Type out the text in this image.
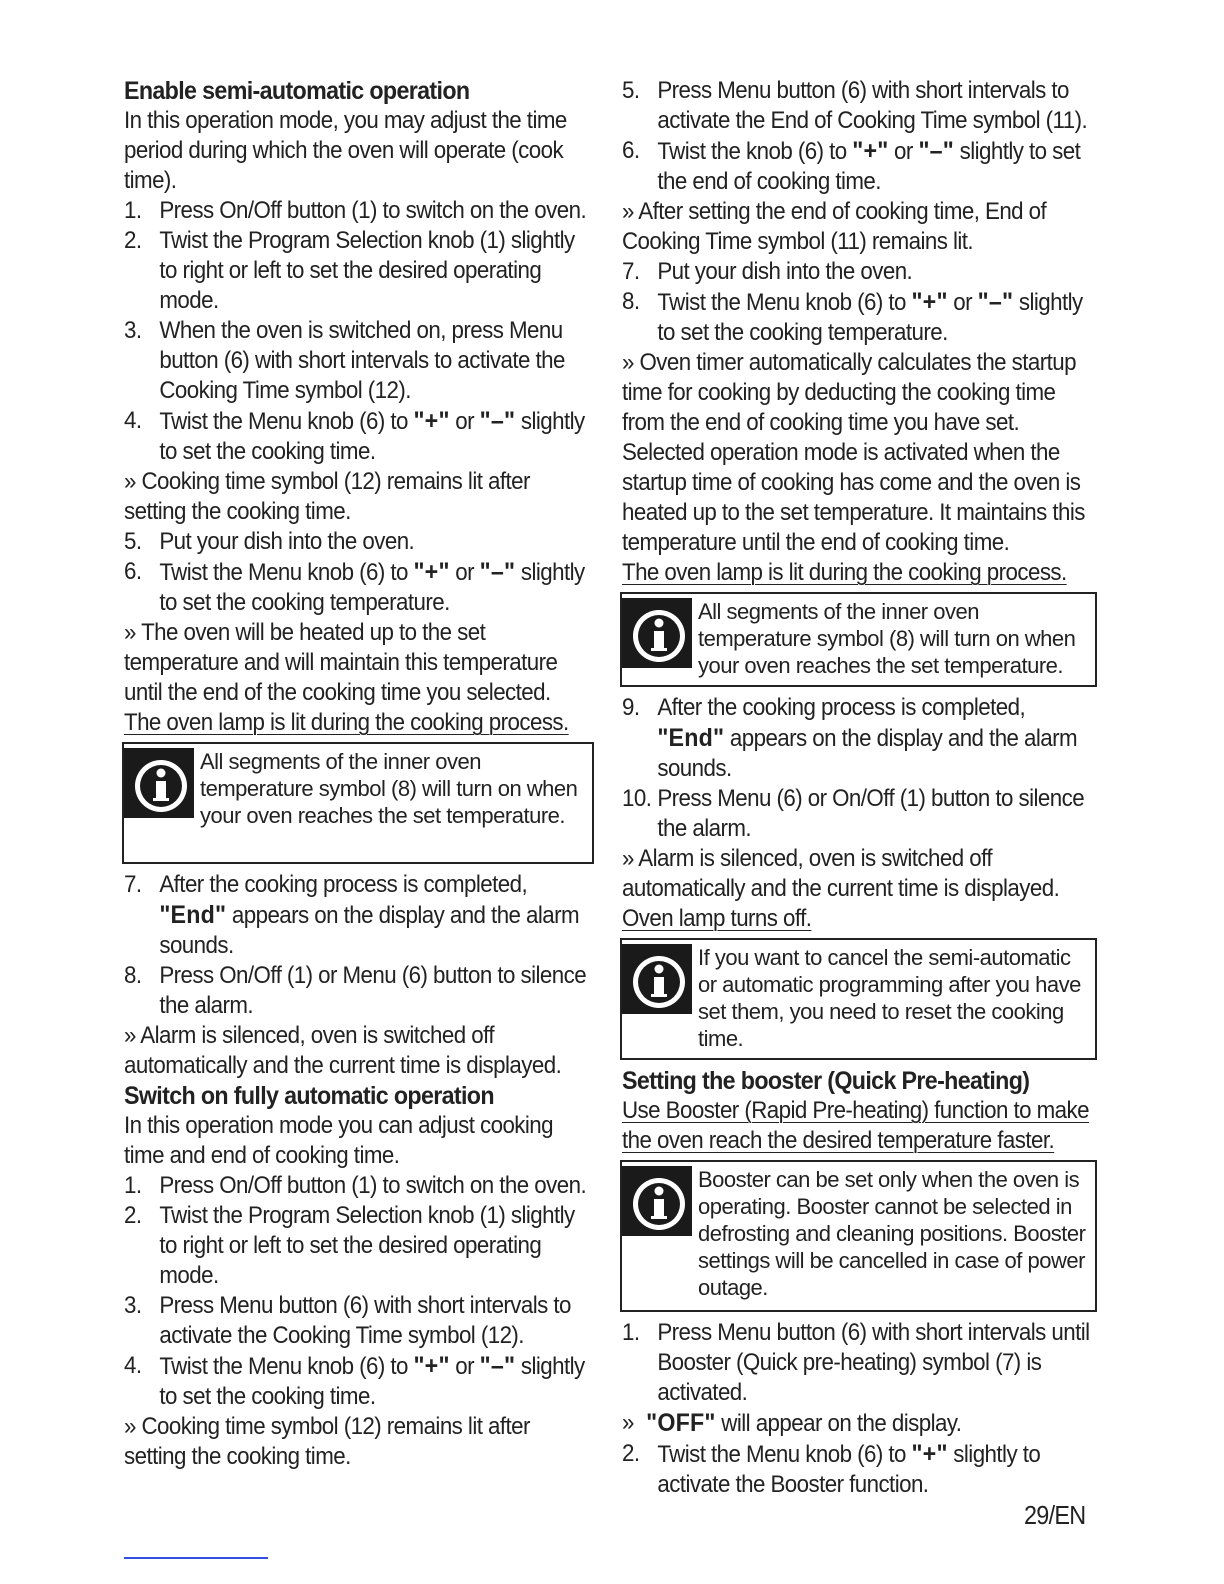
Enable semi-automatic operation

In this operation mode, you may adjust the time period during which the oven will operate (cook time).

1. Press On/Off button (1) to switch on the oven.
2. Twist the Program Selection knob (1) slightly to right or left to set the desired operating mode.
3. When the oven is switched on, press Menu button (6) with short intervals to activate the Cooking Time symbol (12).
4. Twist the Menu knob (6) to "+" or "–" slightly to set the cooking time.

» Cooking time symbol (12) remains lit after setting the cooking time.

5. Put your dish into the oven.
6. Twist the Menu knob (6) to "+" or "–" slightly to set the cooking temperature.

» The oven will be heated up to the set temperature and will maintain this temperature until the end of the cooking time you selected.

The oven lamp is lit during the cooking process.

All segments of the inner oven temperature symbol (8) will turn on when your oven reaches the set temperature.
7. After the cooking process is completed, "End" appears on the display and the alarm sounds.
8. Press On/Off (1) or Menu (6) button to silence the alarm.

» Alarm is silenced, oven is switched off automatically and the current time is displayed.

Switch on fully automatic operation

In this operation mode you can adjust cooking time and end of cooking time.

1. Press On/Off button (1) to switch on the oven.
2. Twist the Program Selection knob (1) slightly to right or left to set the desired operating mode.
3. Press Menu button (6) with short intervals to activate the Cooking Time symbol (12).
4. Twist the Menu knob (6) to "+" or "–" slightly to set the cooking time.

» Cooking time symbol (12) remains lit after setting the cooking time.

5. Press Menu button (6) with short intervals to activate the End of Cooking Time symbol (11).
6. Twist the knob (6) to "+" or "–" slightly to set the end of cooking time.

» After setting the end of cooking time, End of Cooking Time symbol (11) remains lit.

7. Put your dish into the oven.
8. Twist the Menu knob (6) to "+" or "–" slightly to set the cooking temperature.

» Oven timer automatically calculates the startup time for cooking by deducting the cooking time from the end of cooking time you have set. Selected operation mode is activated when the startup time of cooking has come and the oven is heated up to the set temperature. It maintains this temperature until the end of cooking time.

The oven lamp is lit during the cooking process.

All segments of the inner oven temperature symbol (8) will turn on when your oven reaches the set temperature.
9. After the cooking process is completed, "End" appears on the display and the alarm sounds.
10. Press Menu (6) or On/Off (1) button to silence the alarm.

» Alarm is silenced, oven is switched off automatically and the current time is displayed.

Oven lamp turns off.

If you want to cancel the semi-automatic or automatic programming after you have set them, you need to reset the cooking time.
Setting the booster (Quick Pre-heating)

Use Booster (Rapid Pre-heating) function to make the oven reach the desired temperature faster.

Booster can be set only when the oven is operating. Booster cannot be selected in defrosting and cleaning positions. Booster settings will be cancelled in case of power outage.
1. Press Menu button (6) with short intervals until Booster (Quick pre-heating) symbol (7) is activated.
» "OFF" will appear on the display.
2. Twist the Menu knob (6) to "+" slightly to activate the Booster function.
29/EN
